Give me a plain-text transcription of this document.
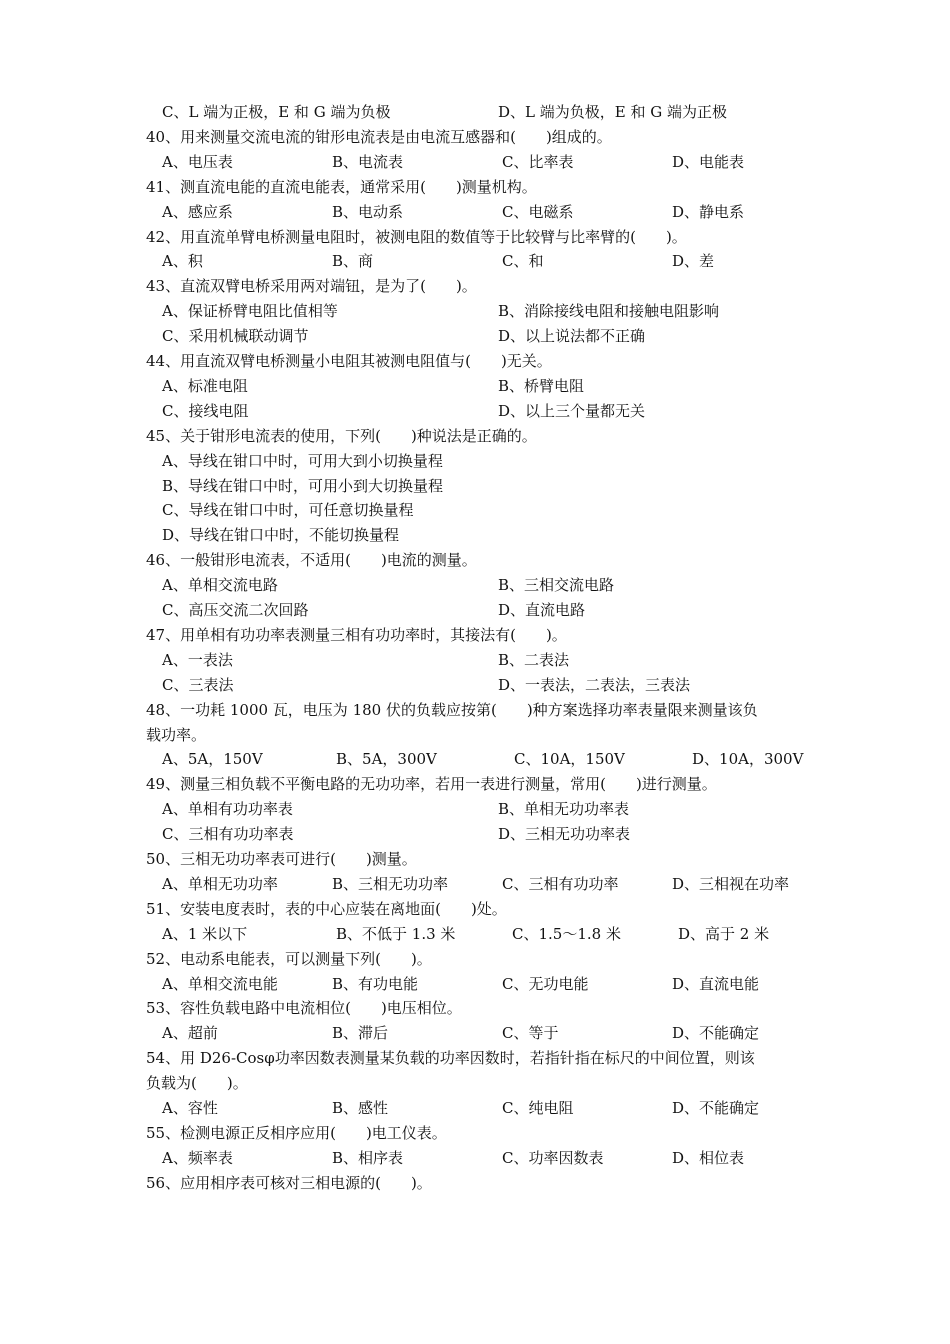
C、L 端为正极，E 和 G 端为负极	D、L 端为负极，E 和 G 端为正极
40、用来测量交流电流的钳形电流表是由电流互感器和(　　)组成的。
A、电压表	B、电流表	C、比率表	D、电能表
41、测直流电能的直流电能表，通常采用(　　)测量机构。
A、感应系	B、电动系	C、电磁系	D、静电系
42、用直流单臂电桥测量电阻时，被测电阻的数值等于比较臂与比率臂的(　　)。
A、积	B、商	C、和	D、差
43、直流双臂电桥采用两对端钮，是为了(　　)。
A、保证桥臂电阻比值相等	B、消除接线电阻和接触电阻影响
C、采用机械联动调节	D、以上说法都不正确
44、用直流双臂电桥测量小电阻其被测电阻值与(　　)无关。
A、标准电阻	B、桥臂电阻
C、接线电阻	D、以上三个量都无关
45、关于钳形电流表的使用，下列(　　)种说法是正确的。
A、导线在钳口中时，可用大到小切换量程
B、导线在钳口中时，可用小到大切换量程
C、导线在钳口中时，可任意切换量程
D、导线在钳口中时，不能切换量程
46、一般钳形电流表，不适用(　　)电流的测量。
A、单相交流电路	B、三相交流电路
C、高压交流二次回路	D、直流电路
47、用单相有功功率表测量三相有功功率时，其接法有(　　)。
A、一表法	B、二表法
C、三表法	D、一表法，二表法，三表法
48、一功耗 1000 瓦，电压为 180 伏的负载应按第(　　)种方案选择功率表量限来测量该负
载功率。
A、5A，150V	B、5A，300V	C、10A，150V	D、10A，300V
49、测量三相负载不平衡电路的无功功率，若用一表进行测量，常用(　　)进行测量。
A、单相有功功率表	B、单相无功功率表
C、三相有功功率表	D、三相无功功率表
50、三相无功功率表可进行(　　)测量。
A、单相无功功率	B、三相无功功率	C、三相有功功率	D、三相视在功率
51、安装电度表时，表的中心应装在离地面(　　)处。
A、1 米以下	B、不低于 1.3 米	C、1.5～1.8 米	D、高于 2 米
52、电动系电能表，可以测量下列(　　)。
A、单相交流电能	B、有功电能	C、无功电能	D、直流电能
53、容性负载电路中电流相位(　　)电压相位。
A、超前	B、滞后	C、等于	D、不能确定
54、用 D26-Cosφ功率因数表测量某负载的功率因数时，若指针指在标尺的中间位置，则该
负载为(　　)。
A、容性	B、感性	C、纯电阻	D、不能确定
55、检测电源正反相序应用(　　)电工仪表。
A、频率表	B、相序表	C、功率因数表	D、相位表
56、应用相序表可核对三相电源的(　　)。
